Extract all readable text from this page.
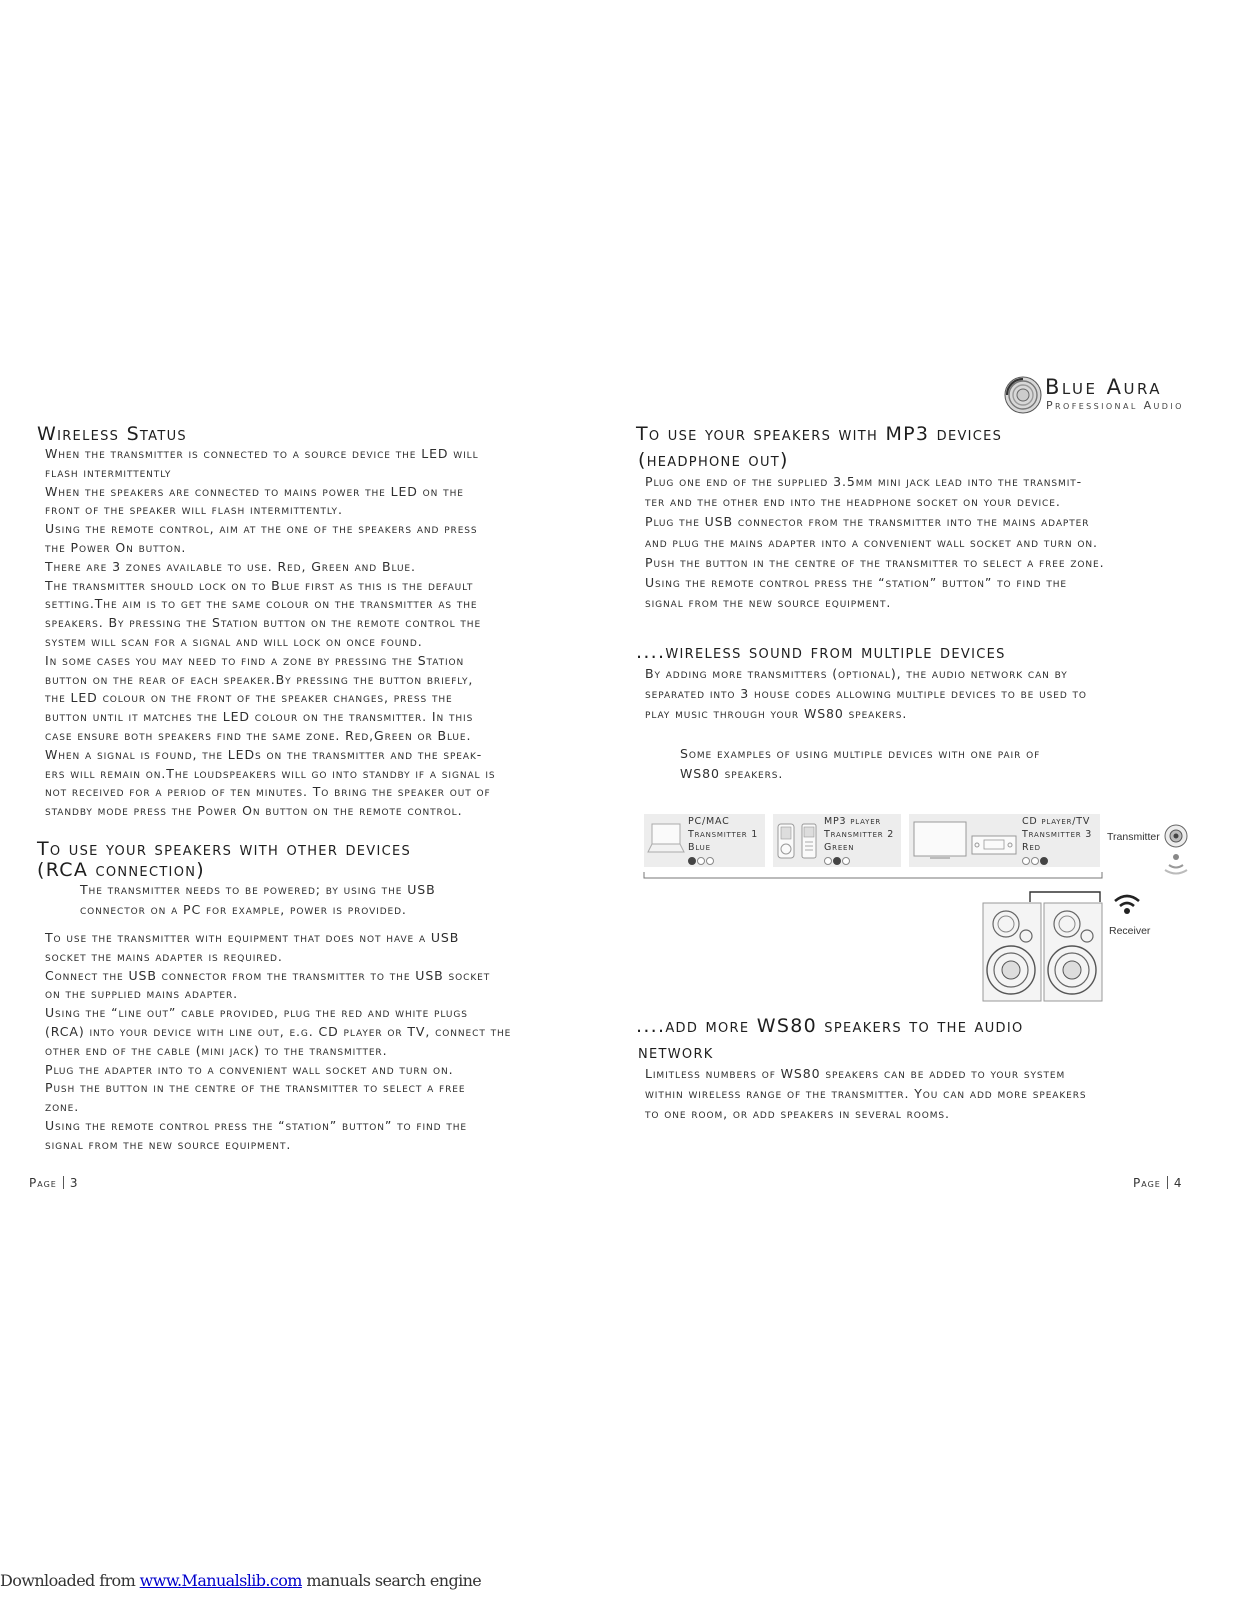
Blue Aura
Professional Audio
Wireless Status

When the transmitter is connected to a source device the LED will

flash intermittently

When the speakers are connected to mains power the LED on the

front of the speaker will flash intermittently.

Using the remote control, aim at the one of the speakers and press

the Power On button.

There are 3 zones available to use. Red, Green and Blue.

The transmitter should lock on to Blue first as this is the default

setting.The aim is to get the same colour on the transmitter as the

speakers. By pressing the Station button on the remote control the

system will scan for a signal and will lock on once found.

In some cases you may need to find a zone by pressing the Station

button on the rear of each speaker.By pressing the button briefly,

the LED colour on the front of the speaker changes, press the

button until it matches the LED colour on the transmitter. In this

case ensure both speakers find the same zone. Red,Green or Blue.

When a signal is found, the LEDs on the transmitter and the speak-

ers will remain on.The loudspeakers will go into standby if a signal is

not received for a period of ten minutes. To bring the speaker out of

standby mode press the Power On button on the remote control.

To use your speakers with other devices
(RCA connection)

The transmitter needs to be powered; by using the USB

connector on a PC for example, power is provided.

To use the transmitter with equipment that does not have a USB

socket the mains adapter is required.

Connect the USB connector from the transmitter to the USB socket

on the supplied mains adapter.

Using the “line out” cable provided, plug the red and white plugs

(RCA) into your device with line out, e.g. CD player or TV, connect the

other end of the cable (mini jack) to the transmitter.

Plug the adapter into to a convenient wall socket and turn on.

Push the button in the centre of the transmitter to select a free

zone.

Using the remote control press the “station” button” to find the

signal from the new source equipment.

Page 3
To use your speakers with MP3 devices
(headphone out)

Plug one end of the supplied 3.5mm mini jack lead into the transmit-

ter and the other end into the headphone socket on your device.

Plug the USB connector from the transmitter into the mains adapter

and plug the mains adapter into a convenient wall socket and turn on.

Push the button in the centre of the transmitter to select a free zone.

Using the remote control press the “station” button” to find the

signal from the new source equipment.

....wireless sound from multiple devices

By adding more transmitters (optional), the audio network can by

separated into 3 house codes allowing multiple devices to be used to

play music through your WS80 speakers.

Some examples of using multiple devices with one pair of

WS80 speakers.

PC/MAC
Transmitter 1
Blue
MP3 player
Transmitter 2
Green
CD player/TV
Transmitter 3
Red
Transmitter
Receiver
....add more WS80 speakers to the audio
network

Limitless numbers of WS80 speakers can be added to your system

within wireless range of the transmitter. You can add more speakers

to one room, or add speakers in several rooms.

Page 4
Downloaded from www.Manualslib.com manuals search engine
